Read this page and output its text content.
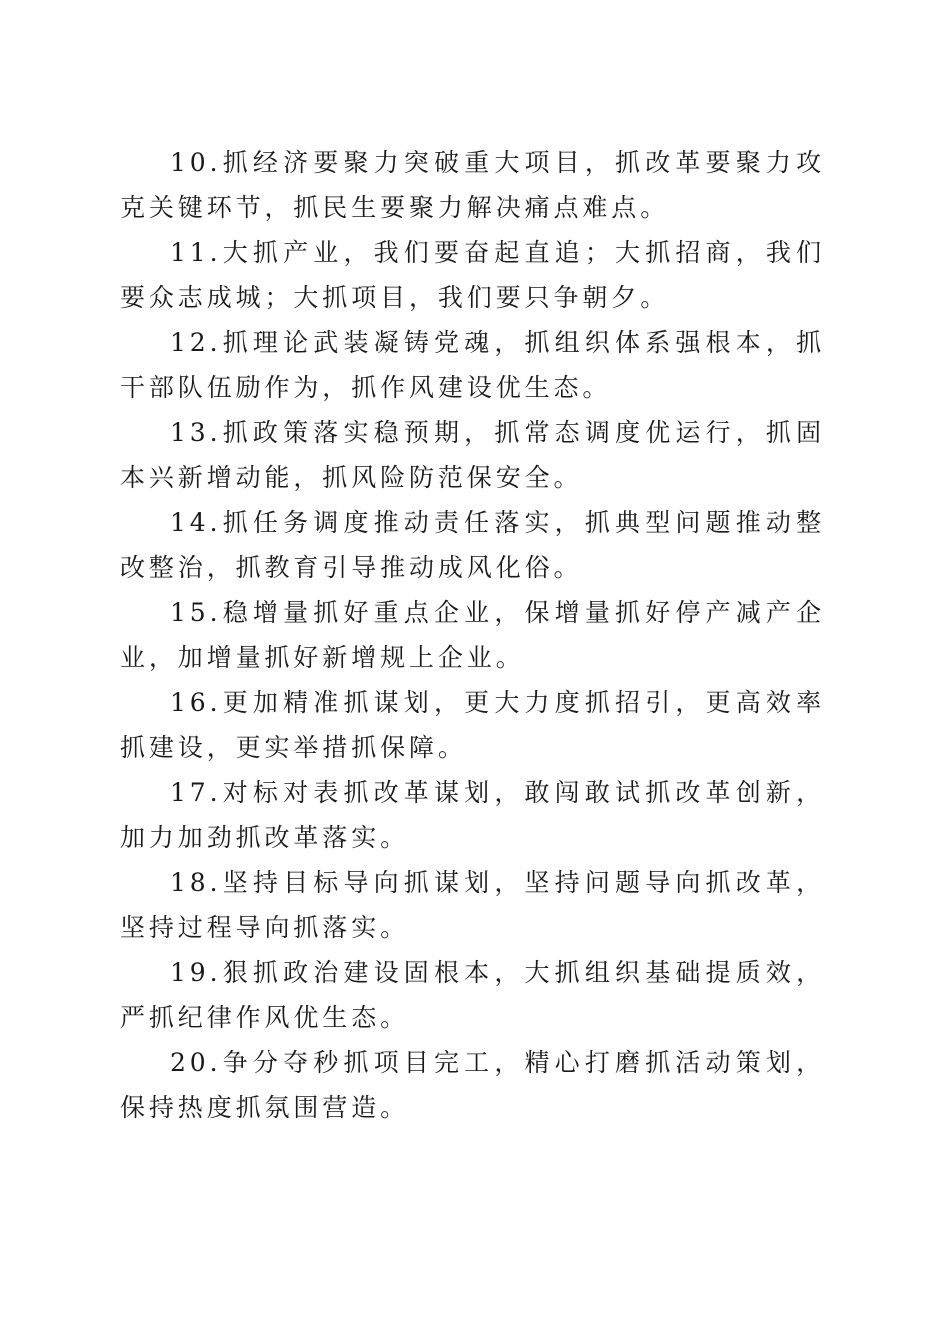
10.抓经济要聚力突破重大项目，抓改革要聚力攻克关键环节，抓民生要聚力解决痛点难点。

11.大抓产业，我们要奋起直追；大抓招商，我们要众志成城；大抓项目，我们要只争朝夕。

12.抓理论武装凝铸党魂，抓组织体系强根本，抓干部队伍励作为，抓作风建设优生态。

13.抓政策落实稳预期，抓常态调度优运行，抓固本兴新增动能，抓风险防范保安全。

14.抓任务调度推动责任落实，抓典型问题推动整改整治，抓教育引导推动成风化俗。

15.稳增量抓好重点企业，保增量抓好停产减产企业，加增量抓好新增规上企业。

16.更加精准抓谋划，更大力度抓招引，更高效率抓建设，更实举措抓保障。

17.对标对表抓改革谋划，敢闯敢试抓改革创新，加力加劲抓改革落实。

18.坚持目标导向抓谋划，坚持问题导向抓改革，坚持过程导向抓落实。

19.狠抓政治建设固根本，大抓组织基础提质效，严抓纪律作风优生态。

20.争分夺秒抓项目完工，精心打磨抓活动策划，保持热度抓氛围营造。
